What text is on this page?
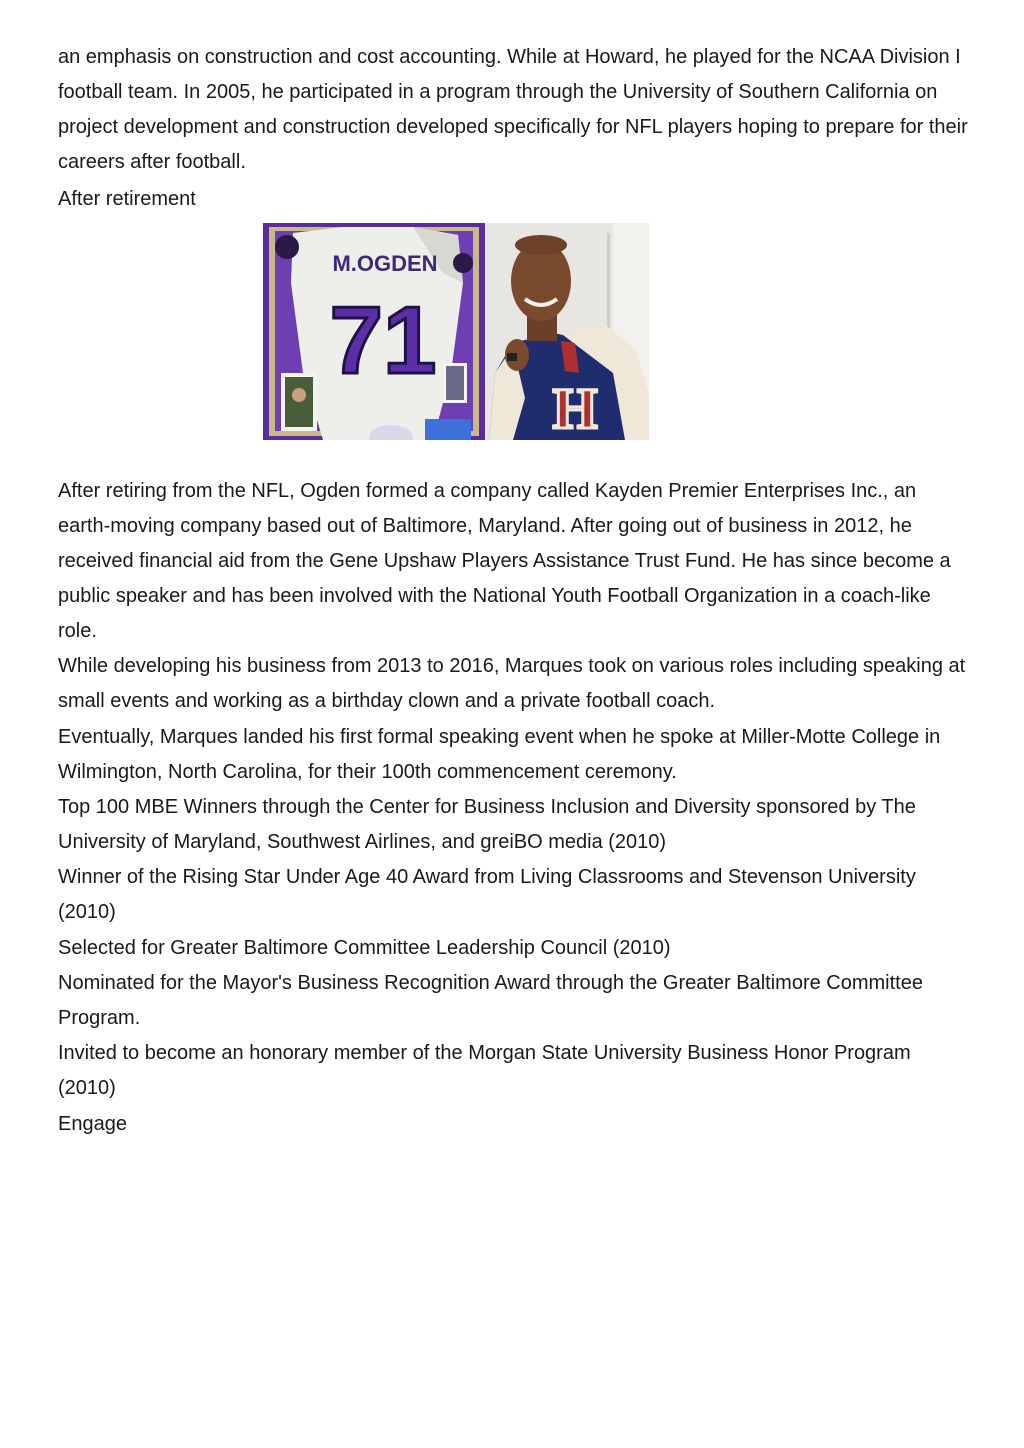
an emphasis on construction and cost accounting. While at Howard, he played for the NCAA Division I football team. In 2005, he participated in a program through the University of Southern California on project development and construction developed specifically for NFL players hoping to prepare for their careers after football.

After retirement

M.OGDEN
71
H

After retiring from the NFL, Ogden formed a company called Kayden Premier Enterprises Inc., an earth-moving company based out of Baltimore, Maryland. After going out of business in 2012, he received financial aid from the Gene Upshaw Players Assistance Trust Fund. He has since become a public speaker and has been involved with the National Youth Football Organization in a coach-like role.

While developing his business from 2013 to 2016, Marques took on various roles including speaking at small events and working as a birthday clown and a private football coach.

Eventually, Marques landed his first formal speaking event when he spoke at Miller-Motte College in Wilmington, North Carolina, for their 100th commencement ceremony.

Top 100 MBE Winners through the Center for Business Inclusion and Diversity sponsored by The University of Maryland, Southwest Airlines, and greiBO media (2010)

Winner of the Rising Star Under Age 40 Award from Living Classrooms and Stevenson University (2010)

Selected for Greater Baltimore Committee Leadership Council (2010)

Nominated for the Mayor's Business Recognition Award through the Greater Baltimore Committee Program.

Invited to become an honorary member of the Morgan State University Business Honor Program (2010)

Engage
